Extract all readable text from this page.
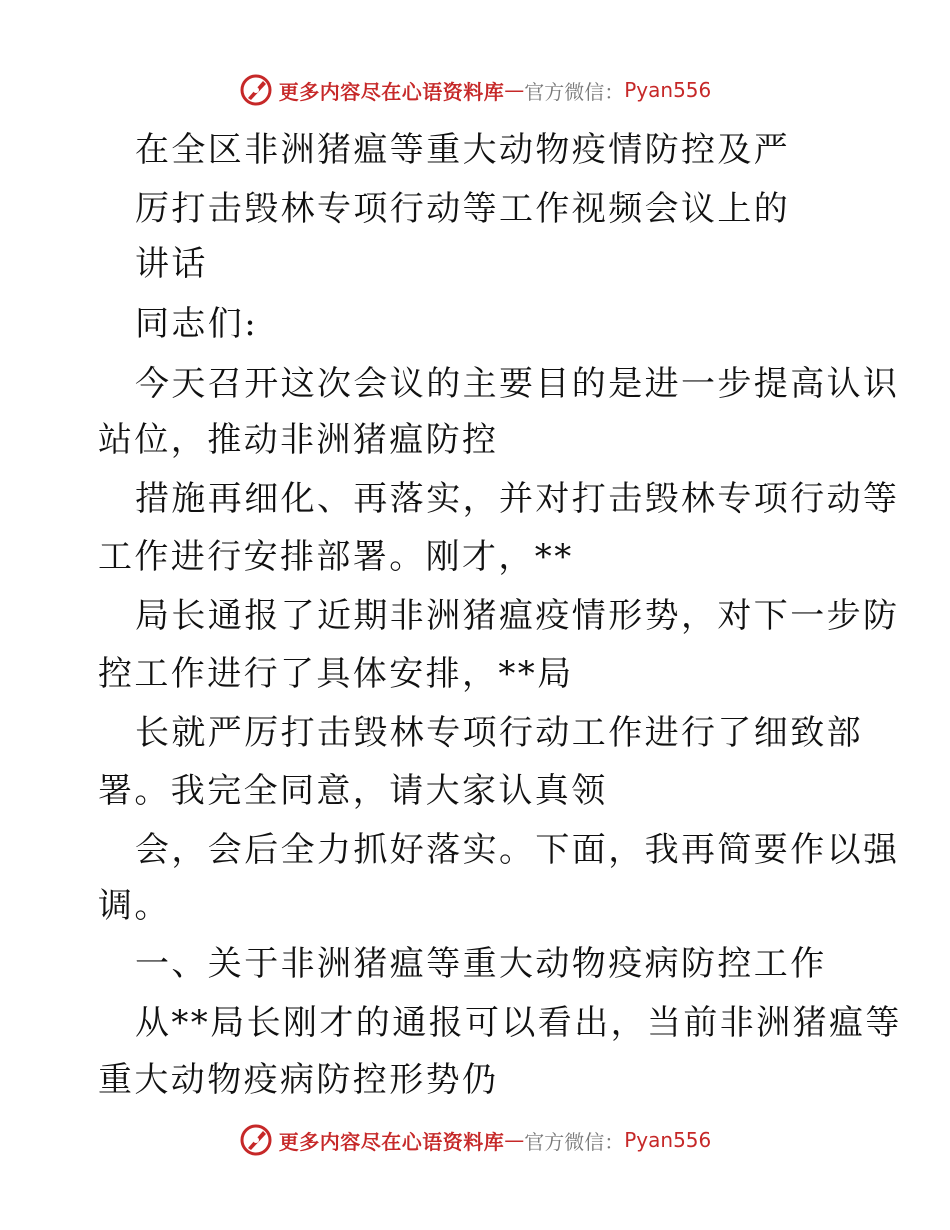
更多内容尽在心语资料库 — 官方微信： Pyan556
在全区非洲猪瘟等重大动物疫情防控及严
厉打击毁林专项行动等工作视频会议上的
讲话
同志们:
今天召开这次会议的主要目的是进一步提高认识
站位，推动非洲猪瘟防控
措施再细化、再落实，并对打击毁林专项行动等
工作进行安排部署。刚才，**
局长通报了近期非洲猪瘟疫情形势，对下一步防
控工作进行了具体安排，**局
长就严厉打击毁林专项行动工作进行了细致部
署。我完全同意，请大家认真领
会，会后全力抓好落实。下面，我再简要作以强
调。
一、关于非洲猪瘟等重大动物疫病防控工作
从**局长刚才的通报可以看出，当前非洲猪瘟等
重大动物疫病防控形势仍
更多内容尽在心语资料库 — 官方微信： Pyan556
